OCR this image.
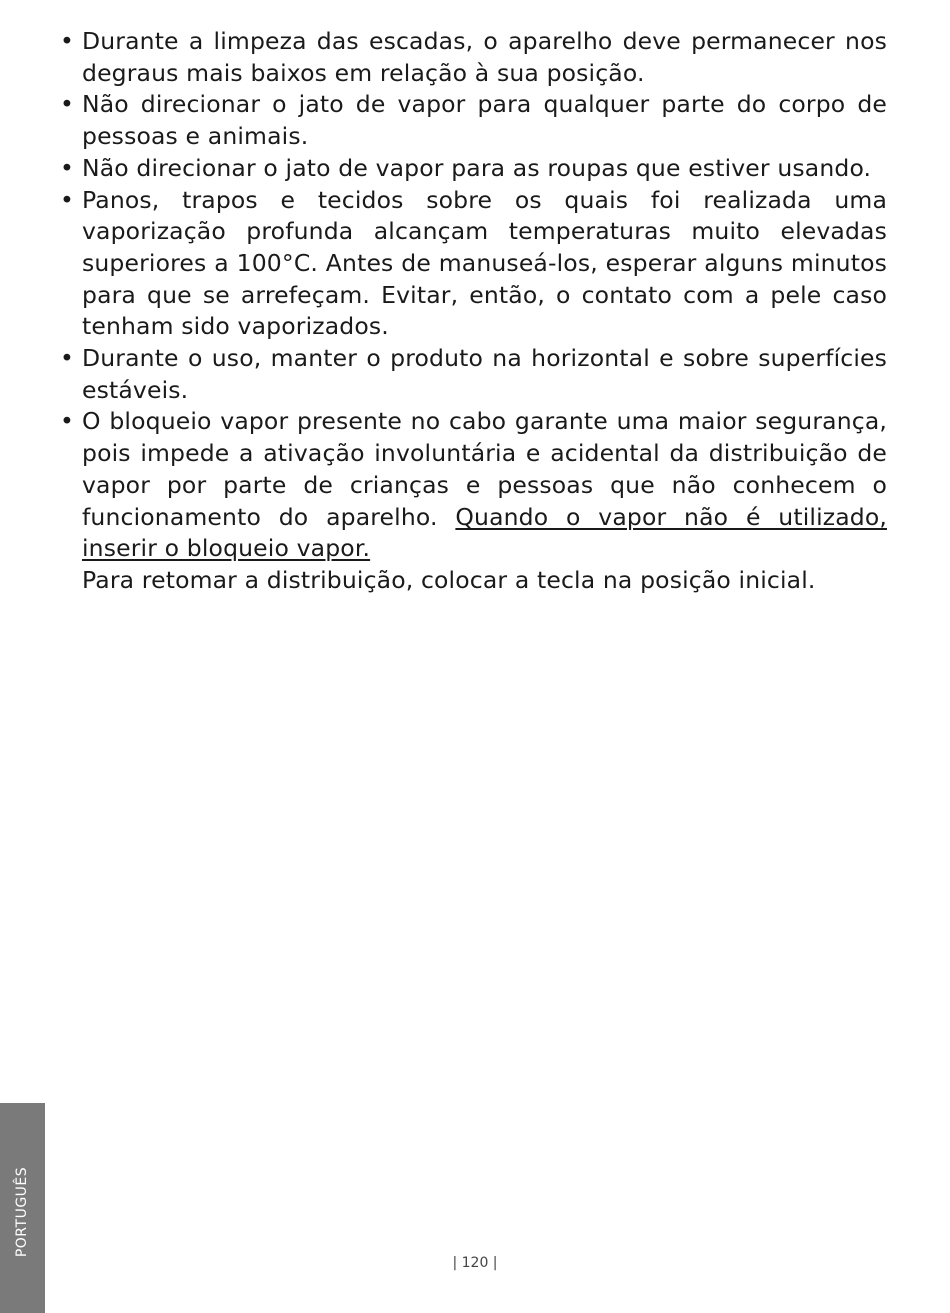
• Durante a limpeza das escadas, o aparelho deve permanecer nos degraus mais baixos em relação à sua posição.
• Não direcionar o jato de vapor para qualquer parte do corpo de pessoas e animais.
• Não direcionar o jato de vapor para as roupas que estiver usando.
• Panos, trapos e tecidos sobre os quais foi realizada uma vaporização profunda alcançam temperaturas muito elevadas superiores a 100°C. Antes de manuseá-los, esperar alguns minutos para que se arrefeçam. Evitar, então, o contato com a pele caso tenham sido vaporizados.
• Durante o uso, manter o produto na horizontal e sobre superfícies estáveis.
• O bloqueio vapor presente no cabo garante uma maior segurança, pois impede a ativação involuntária e acidental da distribuição de vapor por parte de crianças e pessoas que não conhecem o funcionamento do aparelho. Quando o vapor não é utilizado, inserir o bloqueio vapor.
Para retomar a distribuição, colocar a tecla na posição inicial.
PORTUGUÊS
| 120 |
